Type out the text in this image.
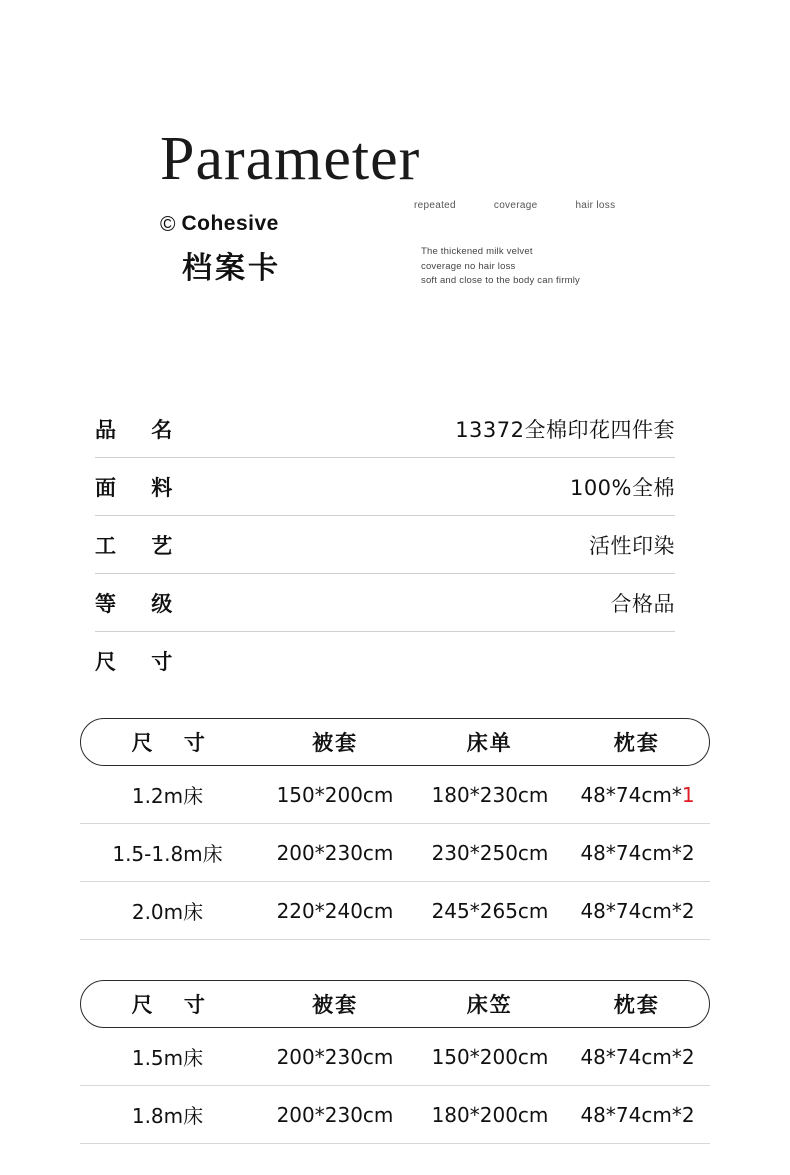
Parameter
© Cohesive
档案卡
repeated	coverage	hair loss
The thickened milk velvet
coverage no hair loss
soft and close to the body can firmly
品 名	13372全棉印花四件套
面 料	100%全棉
工 艺	活性印染
等 级	合格品
尺 寸
尺 寸	被套	床单	枕套
1.2m床	150*200cm	180*230cm	48*74cm*1
1.5-1.8m床	200*230cm	230*250cm	48*74cm*2
2.0m床	220*240cm	245*265cm	48*74cm*2
尺 寸	被套	床笠	枕套
1.5m床	200*230cm	150*200cm	48*74cm*2
1.8m床	200*230cm	180*200cm	48*74cm*2
